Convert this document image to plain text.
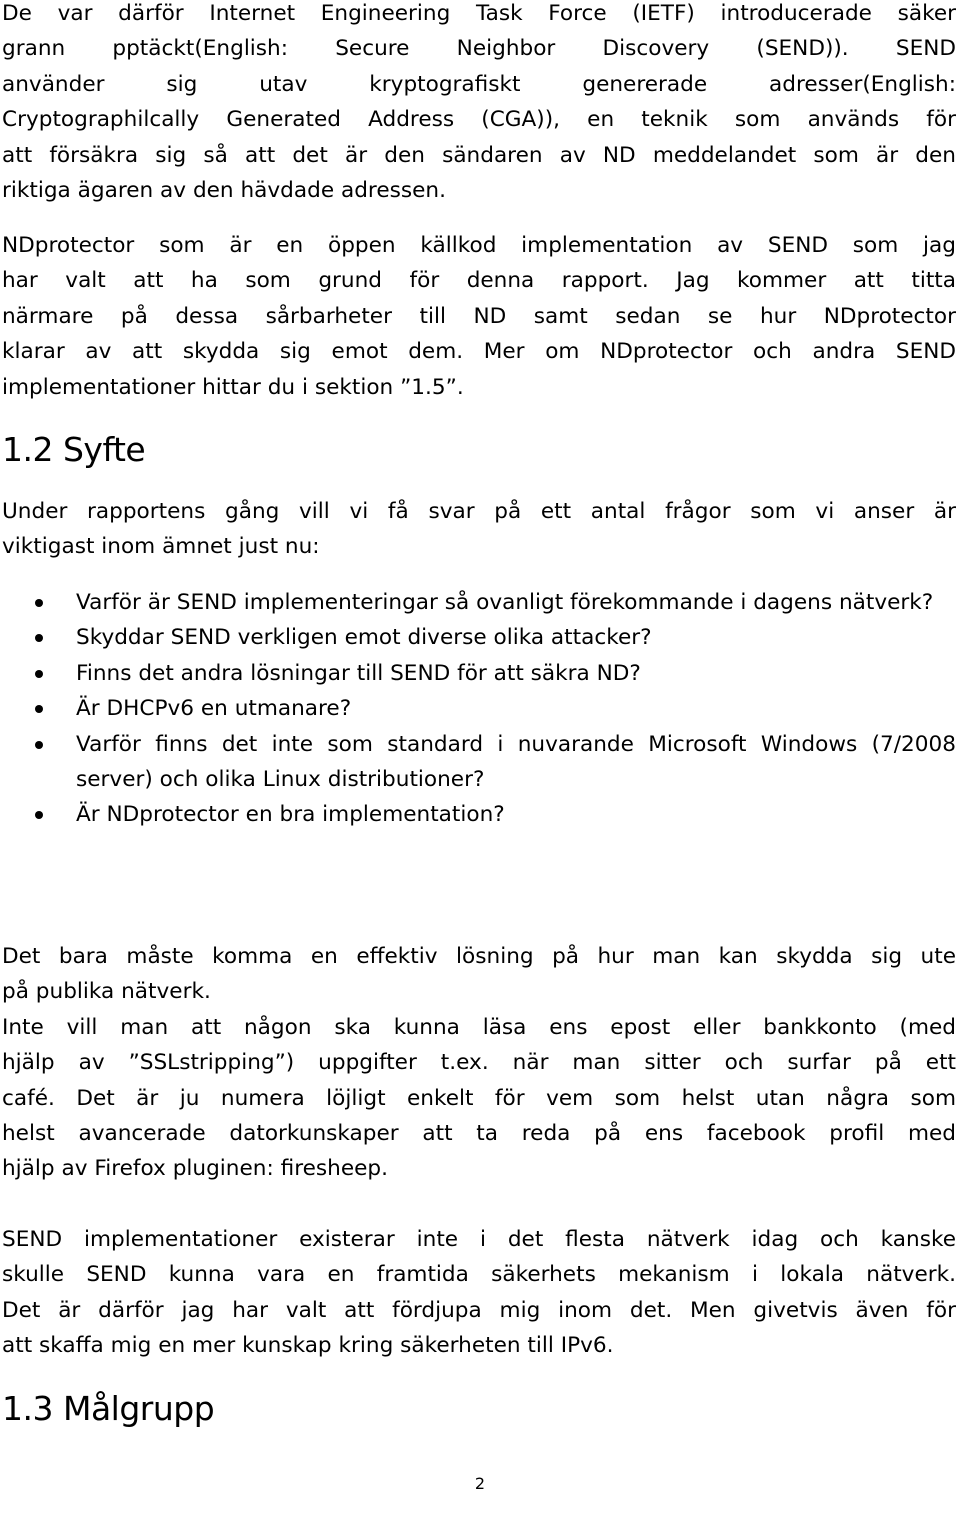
De var därför Internet Engineering Task Force (IETF) introducerade säker
grann pptäckt(English: Secure Neighbor Discovery (SEND)). SEND
använder sig utav kryptografiskt genererade adresser(English:
Cryptographilcally Generated Address (CGA)), en teknik som används för
att försäkra sig så att det är den sändaren av ND meddelandet som är den
riktiga ägaren av den hävdade adressen.

NDprotector som är en öppen källkod implementation av SEND som jag
har valt att ha som grund för denna rapport. Jag kommer att titta
närmare på dessa sårbarheter till ND samt sedan se hur NDprotector
klarar av att skydda sig emot dem. Mer om NDprotector och andra SEND
implementationer hittar du i sektion ”1.5”.

1.2 Syfte

Under rapportens gång vill vi få svar på ett antal frågor som vi anser är
viktigast inom ämnet just nu:

Varför är SEND implementeringar så ovanligt förekommande i dagens nätverk?
Skyddar SEND verkligen emot diverse olika attacker?
Finns det andra lösningar till SEND för att säkra ND?
Är DHCPv6 en utmanare?
Varför finns det inte som standard i nuvarande Microsoft Windows (7/2008 server) och olika Linux distributioner?
Är NDprotector en bra implementation?

Det bara måste komma en effektiv lösning på hur man kan skydda sig ute
på publika nätverk.
Inte vill man att någon ska kunna läsa ens epost eller bankkonto (med
hjälp av ”SSLstripping”) uppgifter t.ex. när man sitter och surfar på ett
café. Det är ju numera löjligt enkelt för vem som helst utan några som
helst avancerade datorkunskaper att ta reda på ens facebook profil med
hjälp av Firefox pluginen: firesheep.

SEND implementationer existerar inte i det flesta nätverk idag och kanske
skulle SEND kunna vara en framtida säkerhets mekanism i lokala nätverk.
Det är därför jag har valt att fördjupa mig inom det. Men givetvis även för
att skaffa mig en mer kunskap kring säkerheten till IPv6.

1.3 Målgrupp
2
